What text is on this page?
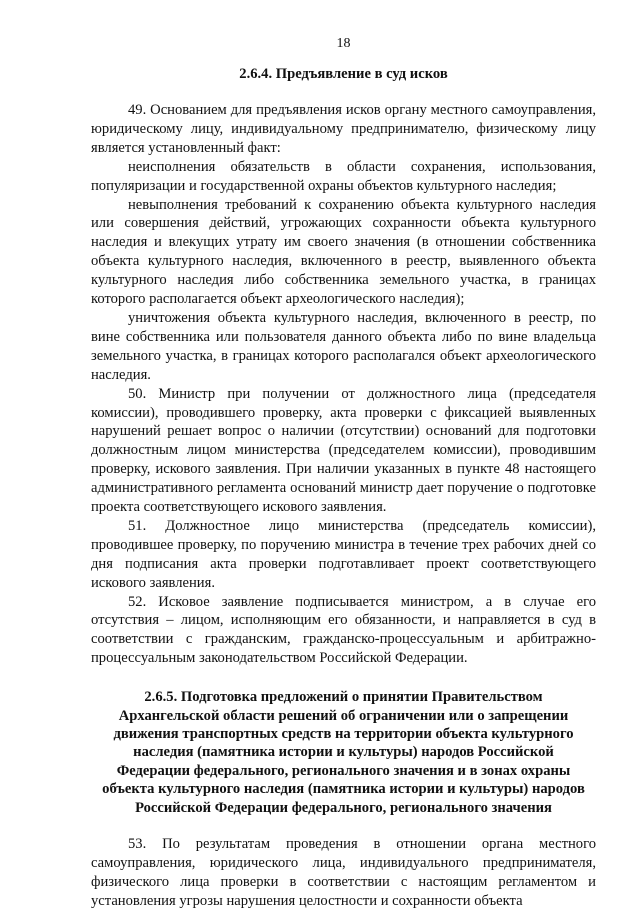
18
2.6.4. Предъявление в суд исков

49. Основанием для предъявления исков органу местного самоуправления, юридическому лицу, индивидуальному предпринимателю, физическому лицу является установленный факт:

неисполнения обязательств в области сохранения, использования, популяризации и государственной охраны объектов культурного наследия;

невыполнения требований к сохранению объекта культурного наследия или совершения действий, угрожающих сохранности объекта культурного наследия и влекущих утрату им своего значения (в отношении собственника объекта культурного наследия, включенного в реестр, выявленного объекта культурного наследия либо собственника земельного участка, в границах которого располагается объект археологического наследия);

уничтожения объекта культурного наследия, включенного в реестр, по вине собственника или пользователя данного объекта либо по вине владельца земельного участка, в границах которого располагался объект археологического наследия.

50. Министр при получении от должностного лица (председателя комиссии), проводившего проверку, акта проверки с фиксацией выявленных нарушений решает вопрос о наличии (отсутствии) оснований для подготовки должностным лицом министерства (председателем комиссии), проводившим проверку, искового заявления. При наличии указанных в пункте 48 настоящего административного регламента оснований министр дает поручение о подготовке проекта соответствующего искового заявления.

51. Должностное лицо министерства (председатель комиссии), проводившее проверку, по поручению министра в течение трех рабочих дней со дня подписания акта проверки подготавливает проект соответствующего искового заявления.

52. Исковое заявление подписывается министром, а в случае его отсутствия – лицом, исполняющим его обязанности, и направляется в суд в соответствии с гражданским, гражданско-процессуальным и арбитражно-процессуальным законодательством Российской Федерации.

2.6.5. Подготовка предложений о принятии Правительством
Архангельской области решений об ограничении или о запрещении
движения транспортных средств на территории объекта культурного
наследия (памятника истории и культуры) народов Российской
Федерации федерального, регионального значения и в зонах охраны
объекта культурного наследия (памятника истории и культуры) народов
Российской Федерации федерального, регионального значения

53. По результатам проведения в отношении органа местного самоуправления, юридического лица, индивидуального предпринимателя, физического лица проверки в соответствии с настоящим регламентом и установления угрозы нарушения целостности и сохранности объекта
